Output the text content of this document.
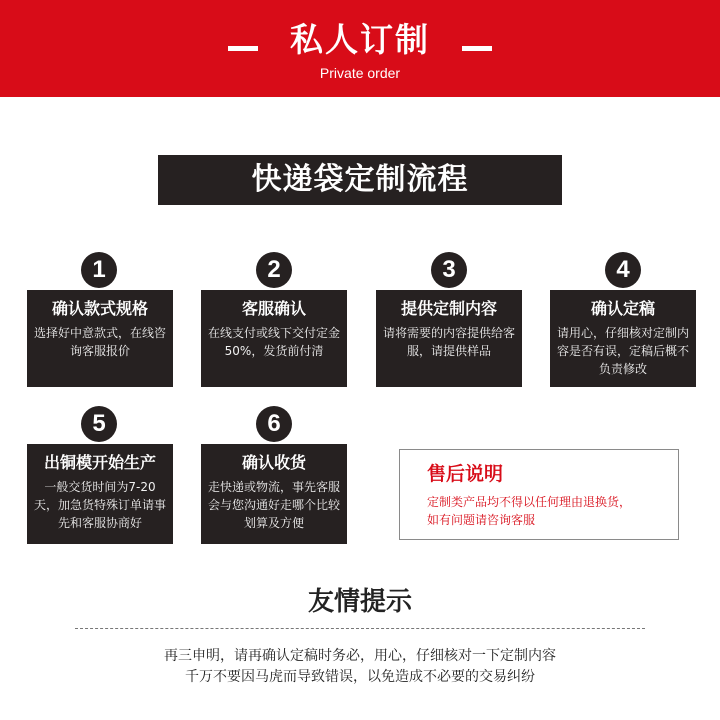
私人订制
Private order
快递袋定制流程
1
确认款式规格
选择好中意款式，在线咨询客服报价
2
客服确认
在线支付或线下交付定金50%，发货前付清
3
提供定制内容
请将需要的内容提供给客服，请提供样品
4
确认定稿
请用心，仔细核对定制内容是否有误，定稿后概不负责修改
5
出铜模开始生产
一般交货时间为7-20天，加急货特殊订单请事先和客服协商好
6
确认收货
走快递或物流，事先客服会与您沟通好走哪个比较划算及方便
售后说明
定制类产品均不得以任何理由退换货，
如有问题请咨询客服
友情提示
再三申明，请再确认定稿时务必，用心，仔细核对一下定制内容
千万不要因马虎而导致错误，以免造成不必要的交易纠纷
